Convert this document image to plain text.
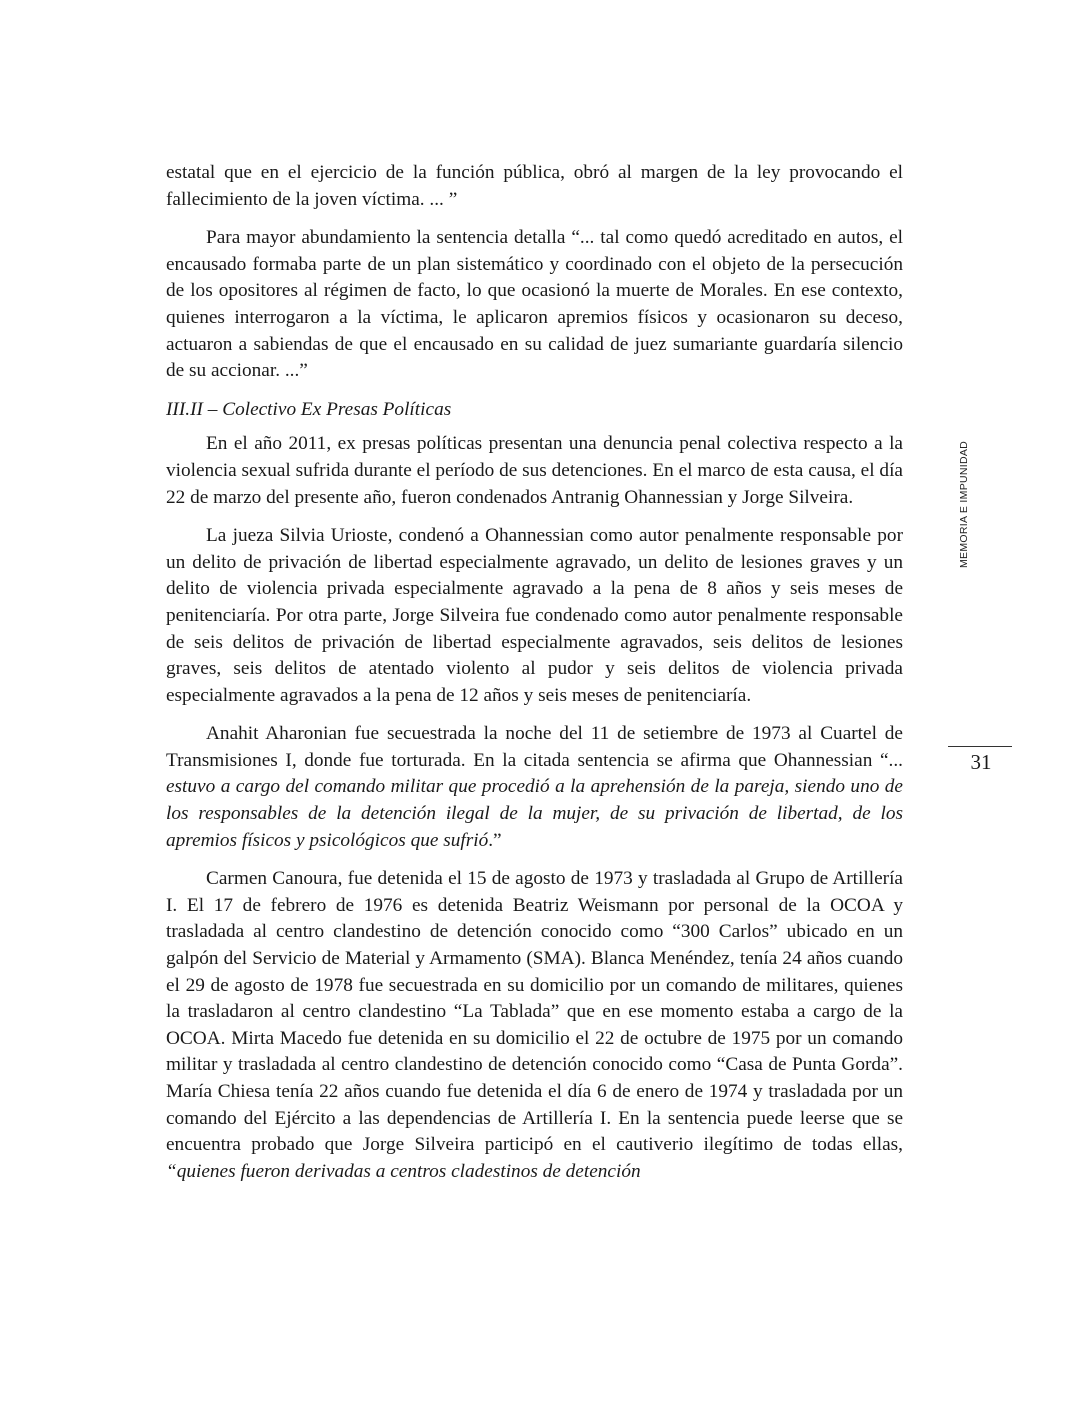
estatal que en el ejercicio de la función pública, obró al margen de la ley provocando el fallecimiento de la joven víctima. ... ”

Para mayor abundamiento la sentencia detalla “... tal como quedó acreditado en autos, el encausado formaba parte de un plan sistemático y coordinado con el objeto de la persecución de los opositores al régimen de facto, lo que ocasionó la muerte de Morales. En ese contexto, quienes interrogaron a la víctima, le aplicaron apremios físicos y ocasionaron su deceso, actuaron a sabiendas de que el encausado en su calidad de juez sumariante guardaría silencio de su accionar. ...”

III.II – Colectivo Ex Presas Políticas

En el año 2011, ex presas políticas presentan una denuncia penal colectiva respecto a la violencia sexual sufrida durante el período de sus detenciones. En el marco de esta causa, el día 22 de marzo del presente año, fueron condenados Antranig Ohannessian y Jorge Silveira.

La jueza Silvia Urioste, condenó a Ohannessian como autor penalmente responsable por un delito de privación de libertad especialmente agravado, un delito de lesiones graves y un delito de violencia privada especialmente agravado a la pena de 8 años y seis meses de penitenciaría. Por otra parte, Jorge Silveira fue condenado como autor penalmente responsable de seis delitos de privación de libertad especialmente agravados, seis delitos de lesiones graves, seis delitos de atentado violento al pudor y seis delitos de violencia privada especialmente agravados a la pena de 12 años y seis meses de penitenciaría.

Anahit Aharonian fue secuestrada la noche del 11 de setiembre de 1973 al Cuartel de Transmisiones I, donde fue torturada. En la citada sentencia se afirma que Ohannessian “... estuvo a cargo del comando militar que procedió a la aprehensión de la pareja, siendo uno de los responsables de la detención ilegal de la mujer, de su privación de libertad, de los apremios físicos y psicológicos que sufrió.”

Carmen Canoura, fue detenida el 15 de agosto de 1973 y trasladada al Grupo de Artillería I. El 17 de febrero de 1976 es detenida Beatriz Weismann por personal de la OCOA y trasladada al centro clandestino de detención conocido como “300 Carlos” ubicado en un galpón del Servicio de Material y Armamento (SMA). Blanca Menéndez, tenía 24 años cuando el 29 de agosto de 1978 fue secuestrada en su domicilio por un comando de militares, quienes la trasladaron al centro clandestino “La Tablada” que en ese momento estaba a cargo de la OCOA. Mirta Macedo fue detenida en su domicilio el 22 de octubre de 1975 por un comando militar y trasladada al centro clandestino de detención conocido como “Casa de Punta Gorda”. María Chiesa tenía 22 años cuando fue detenida el día 6 de enero de 1974 y trasladada por un comando del Ejército a las dependencias de Artillería I. En la sentencia puede leerse que se encuentra probado que Jorge Silveira participó en el cautiverio ilegítimo de todas ellas, “quienes fueron derivadas a centros cladestinos de detención

MEMORIA E IMPUNIDAD
31
